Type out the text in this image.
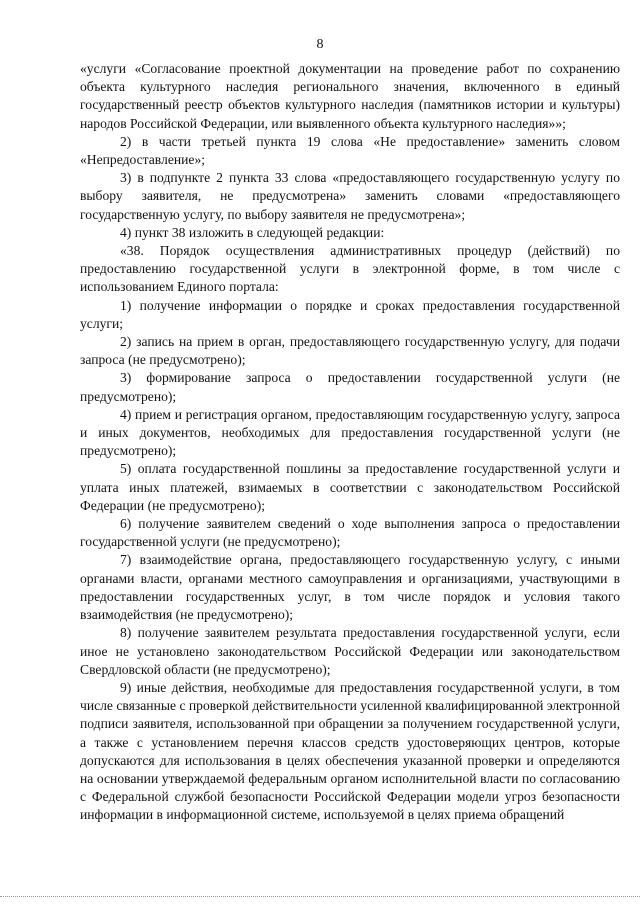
8

«услуги «Согласование проектной документации на проведение работ по сохранению объекта культурного наследия регионального значения, включенного в единый государственный реестр объектов культурного наследия (памятников истории и культуры) народов Российской Федерации, или выявленного объекта культурного наследия»»;

2) в части третьей пункта 19 слова «Не предоставление» заменить словом «Непредоставление»;

3) в подпункте 2 пункта 33 слова «предоставляющего государственную услугу по выбору заявителя, не предусмотрена» заменить словами «предоставляющего государственную услугу, по выбору заявителя не предусмотрена»;

4) пункт 38 изложить в следующей редакции:

«38. Порядок осуществления административных процедур (действий) по предоставлению государственной услуги в электронной форме, в том числе с использованием Единого портала:

1) получение информации о порядке и сроках предоставления государственной услуги;

2) запись на прием в орган, предоставляющего государственную услугу, для подачи запроса (не предусмотрено);

3) формирование запроса о предоставлении государственной услуги (не предусмотрено);

4) прием и регистрация органом, предоставляющим государственную услугу, запроса и иных документов, необходимых для предоставления государственной услуги (не предусмотрено);

5) оплата государственной пошлины за предоставление государственной услуги и уплата иных платежей, взимаемых в соответствии с законодательством Российской Федерации (не предусмотрено);

6) получение заявителем сведений о ходе выполнения запроса о предоставлении государственной услуги (не предусмотрено);

7) взаимодействие органа, предоставляющего государственную услугу, с иными органами власти, органами местного самоуправления и организациями, участвующими в предоставлении государственных услуг, в том числе порядок и условия такого взаимодействия (не предусмотрено);

8) получение заявителем результата предоставления государственной услуги, если иное не установлено законодательством Российской Федерации или законодательством Свердловской области (не предусмотрено);

9) иные действия, необходимые для предоставления государственной услуги, в том числе связанные с проверкой действительности усиленной квалифицированной электронной подписи заявителя, использованной при обращении за получением государственной услуги, а также с установлением перечня классов средств удостоверяющих центров, которые допускаются для использования в целях обеспечения указанной проверки и определяются на основании утверждаемой федеральным органом исполнительной власти по согласованию с Федеральной службой безопасности Российской Федерации модели угроз безопасности информации в информационной системе, используемой в целях приема обращений
